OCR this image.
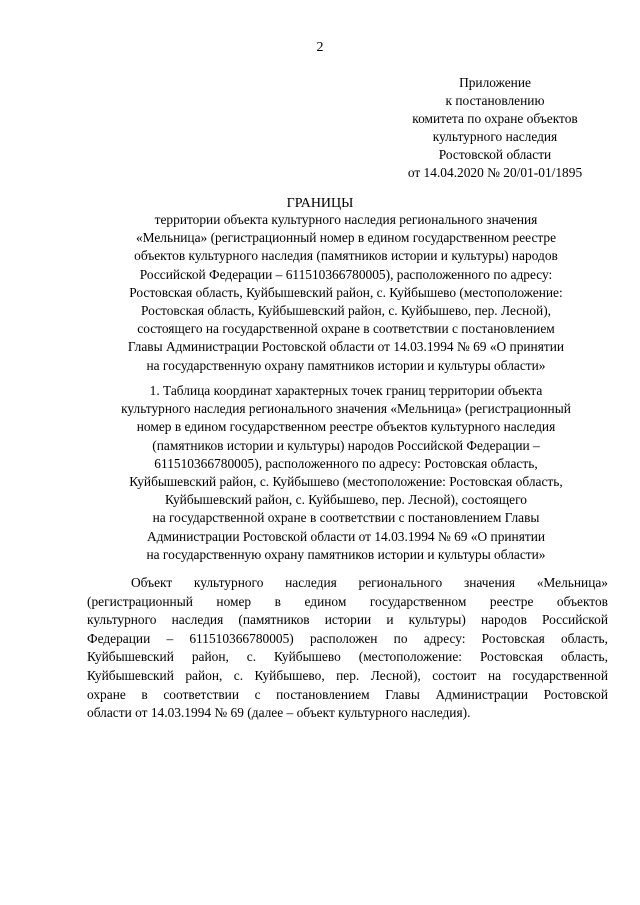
2
Приложение
к постановлению
комитета по охране объектов
культурного наследия
Ростовской области
от 14.04.2020 № 20/01-01/1895
ГРАНИЦЫ
территории объекта культурного наследия регионального значения
«Мельница» (регистрационный номер в едином государственном реестре
объектов культурного наследия (памятников истории и культуры) народов
Российской Федерации – 611510366780005), расположенного по адресу:
Ростовская область, Куйбышевский район, с. Куйбышево (местоположение:
Ростовская область, Куйбышевский район, с. Куйбышево, пер. Лесной),
состоящего на государственной охране в соответствии с постановлением
Главы Администрации Ростовской области от 14.03.1994 № 69 «О принятии
на государственную охрану памятников истории и культуры области»
1. Таблица координат характерных точек границ территории объекта
культурного наследия регионального значения «Мельница» (регистрационный
номер в едином государственном реестре объектов культурного наследия
(памятников истории и культуры) народов Российской Федерации –
611510366780005), расположенного по адресу: Ростовская область,
Куйбышевский район, с. Куйбышево (местоположение: Ростовская область,
Куйбышевский район, с. Куйбышево, пер. Лесной), состоящего
на государственной охране в соответствии с постановлением Главы
Администрации Ростовской области от 14.03.1994 № 69 «О принятии
на государственную охрану памятников истории и культуры области»
Объект культурного наследия регионального значения «Мельница»
(регистрационный номер в едином государственном реестре объектов
культурного наследия (памятников истории и культуры) народов Российской
Федерации – 611510366780005) расположен по адресу: Ростовская область,
Куйбышевский район, с. Куйбышево (местоположение: Ростовская область,
Куйбышевский район, с. Куйбышево, пер. Лесной), состоит на государственной
охране в соответствии с постановлением Главы Администрации Ростовской
области от 14.03.1994 № 69 (далее – объект культурного наследия).
